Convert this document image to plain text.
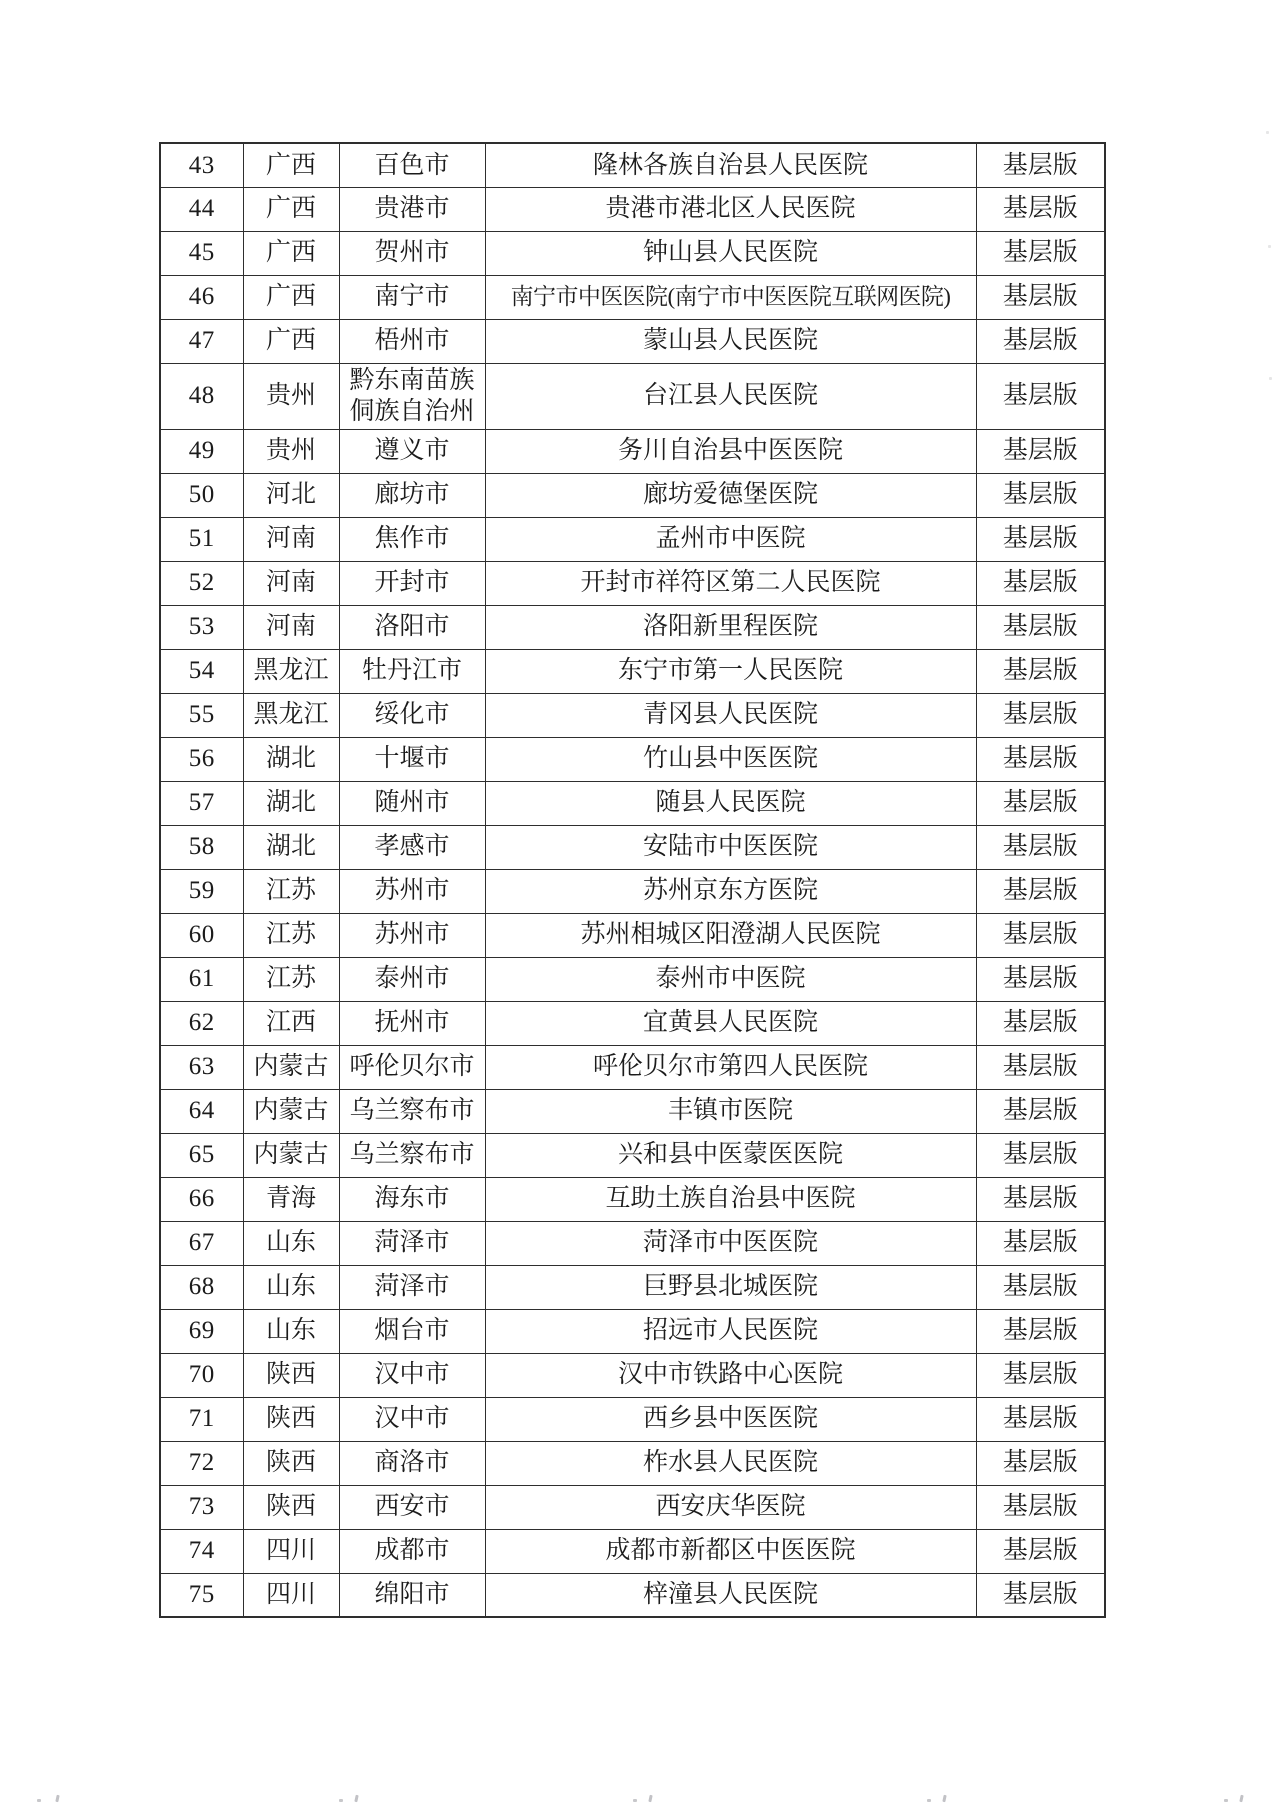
43	广西	百色市	隆林各族自治县人民医院	基层版
44	广西	贵港市	贵港市港北区人民医院	基层版
45	广西	贺州市	钟山县人民医院	基层版
46	广西	南宁市	南宁市中医医院(南宁市中医医院互联网医院)	基层版
47	广西	梧州市	蒙山县人民医院	基层版
48	贵州	黔东南苗族侗族自治州	台江县人民医院	基层版
49	贵州	遵义市	务川自治县中医医院	基层版
50	河北	廊坊市	廊坊爱德堡医院	基层版
51	河南	焦作市	孟州市中医院	基层版
52	河南	开封市	开封市祥符区第二人民医院	基层版
53	河南	洛阳市	洛阳新里程医院	基层版
54	黑龙江	牡丹江市	东宁市第一人民医院	基层版
55	黑龙江	绥化市	青冈县人民医院	基层版
56	湖北	十堰市	竹山县中医医院	基层版
57	湖北	随州市	随县人民医院	基层版
58	湖北	孝感市	安陆市中医医院	基层版
59	江苏	苏州市	苏州京东方医院	基层版
60	江苏	苏州市	苏州相城区阳澄湖人民医院	基层版
61	江苏	泰州市	泰州市中医院	基层版
62	江西	抚州市	宜黄县人民医院	基层版
63	内蒙古	呼伦贝尔市	呼伦贝尔市第四人民医院	基层版
64	内蒙古	乌兰察布市	丰镇市医院	基层版
65	内蒙古	乌兰察布市	兴和县中医蒙医医院	基层版
66	青海	海东市	互助土族自治县中医院	基层版
67	山东	菏泽市	菏泽市中医医院	基层版
68	山东	菏泽市	巨野县北城医院	基层版
69	山东	烟台市	招远市人民医院	基层版
70	陕西	汉中市	汉中市铁路中心医院	基层版
71	陕西	汉中市	西乡县中医医院	基层版
72	陕西	商洛市	柞水县人民医院	基层版
73	陕西	西安市	西安庆华医院	基层版
74	四川	成都市	成都市新都区中医医院	基层版
75	四川	绵阳市	梓潼县人民医院	基层版
